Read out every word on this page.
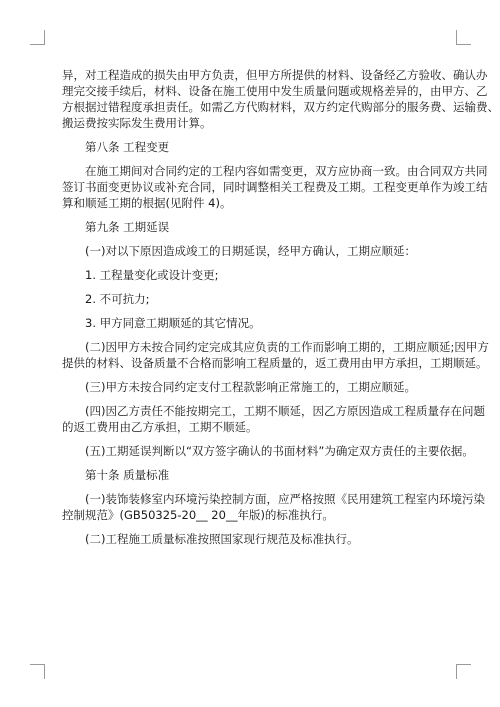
异，对工程造成的损失由甲方负责，但甲方所提供的材料、设备经乙方验收、确认办
理完交接手续后，材料、设备在施工使用中发生质量问题或规格差异的，由甲方、乙
方根据过错程度承担责任。如需乙方代购材料，双方约定代购部分的服务费、运输费、
搬运费按实际发生费用计算。
第八条 工程变更
在施工期间对合同约定的工程内容如需变更，双方应协商一致。由合同双方共同
签订书面变更协议或补充合同，同时调整相关工程费及工期。工程变更单作为竣工结
算和顺延工期的根据(见附件 4)。
第九条 工期延误
(一)对以下原因造成竣工的日期延误，经甲方确认，工期应顺延：
1. 工程量变化或设计变更;
2. 不可抗力;
3. 甲方同意工期顺延的其它情况。
(二)因甲方未按合同约定完成其应负责的工作而影响工期的，工期应顺延;因甲方
提供的材料、设备质量不合格而影响工程质量的，返工费用由甲方承担，工期顺延。
(三)甲方未按合同约定支付工程款影响正常施工的，工期应顺延。
(四)因乙方责任不能按期完工，工期不顺延，因乙方原因造成工程质量存在问题
的返工费用由乙方承担，工期不顺延。
(五)工期延误判断以“双方签字确认的书面材料”为确定双方责任的主要依据。
第十条 质量标准
(一)装饰装修室内环境污染控制方面，应严格按照《民用建筑工程室内环境污染
控制规范》(GB50325-20__ 20__年版)的标准执行。
(二)工程施工质量标准按照国家现行规范及标准执行。
